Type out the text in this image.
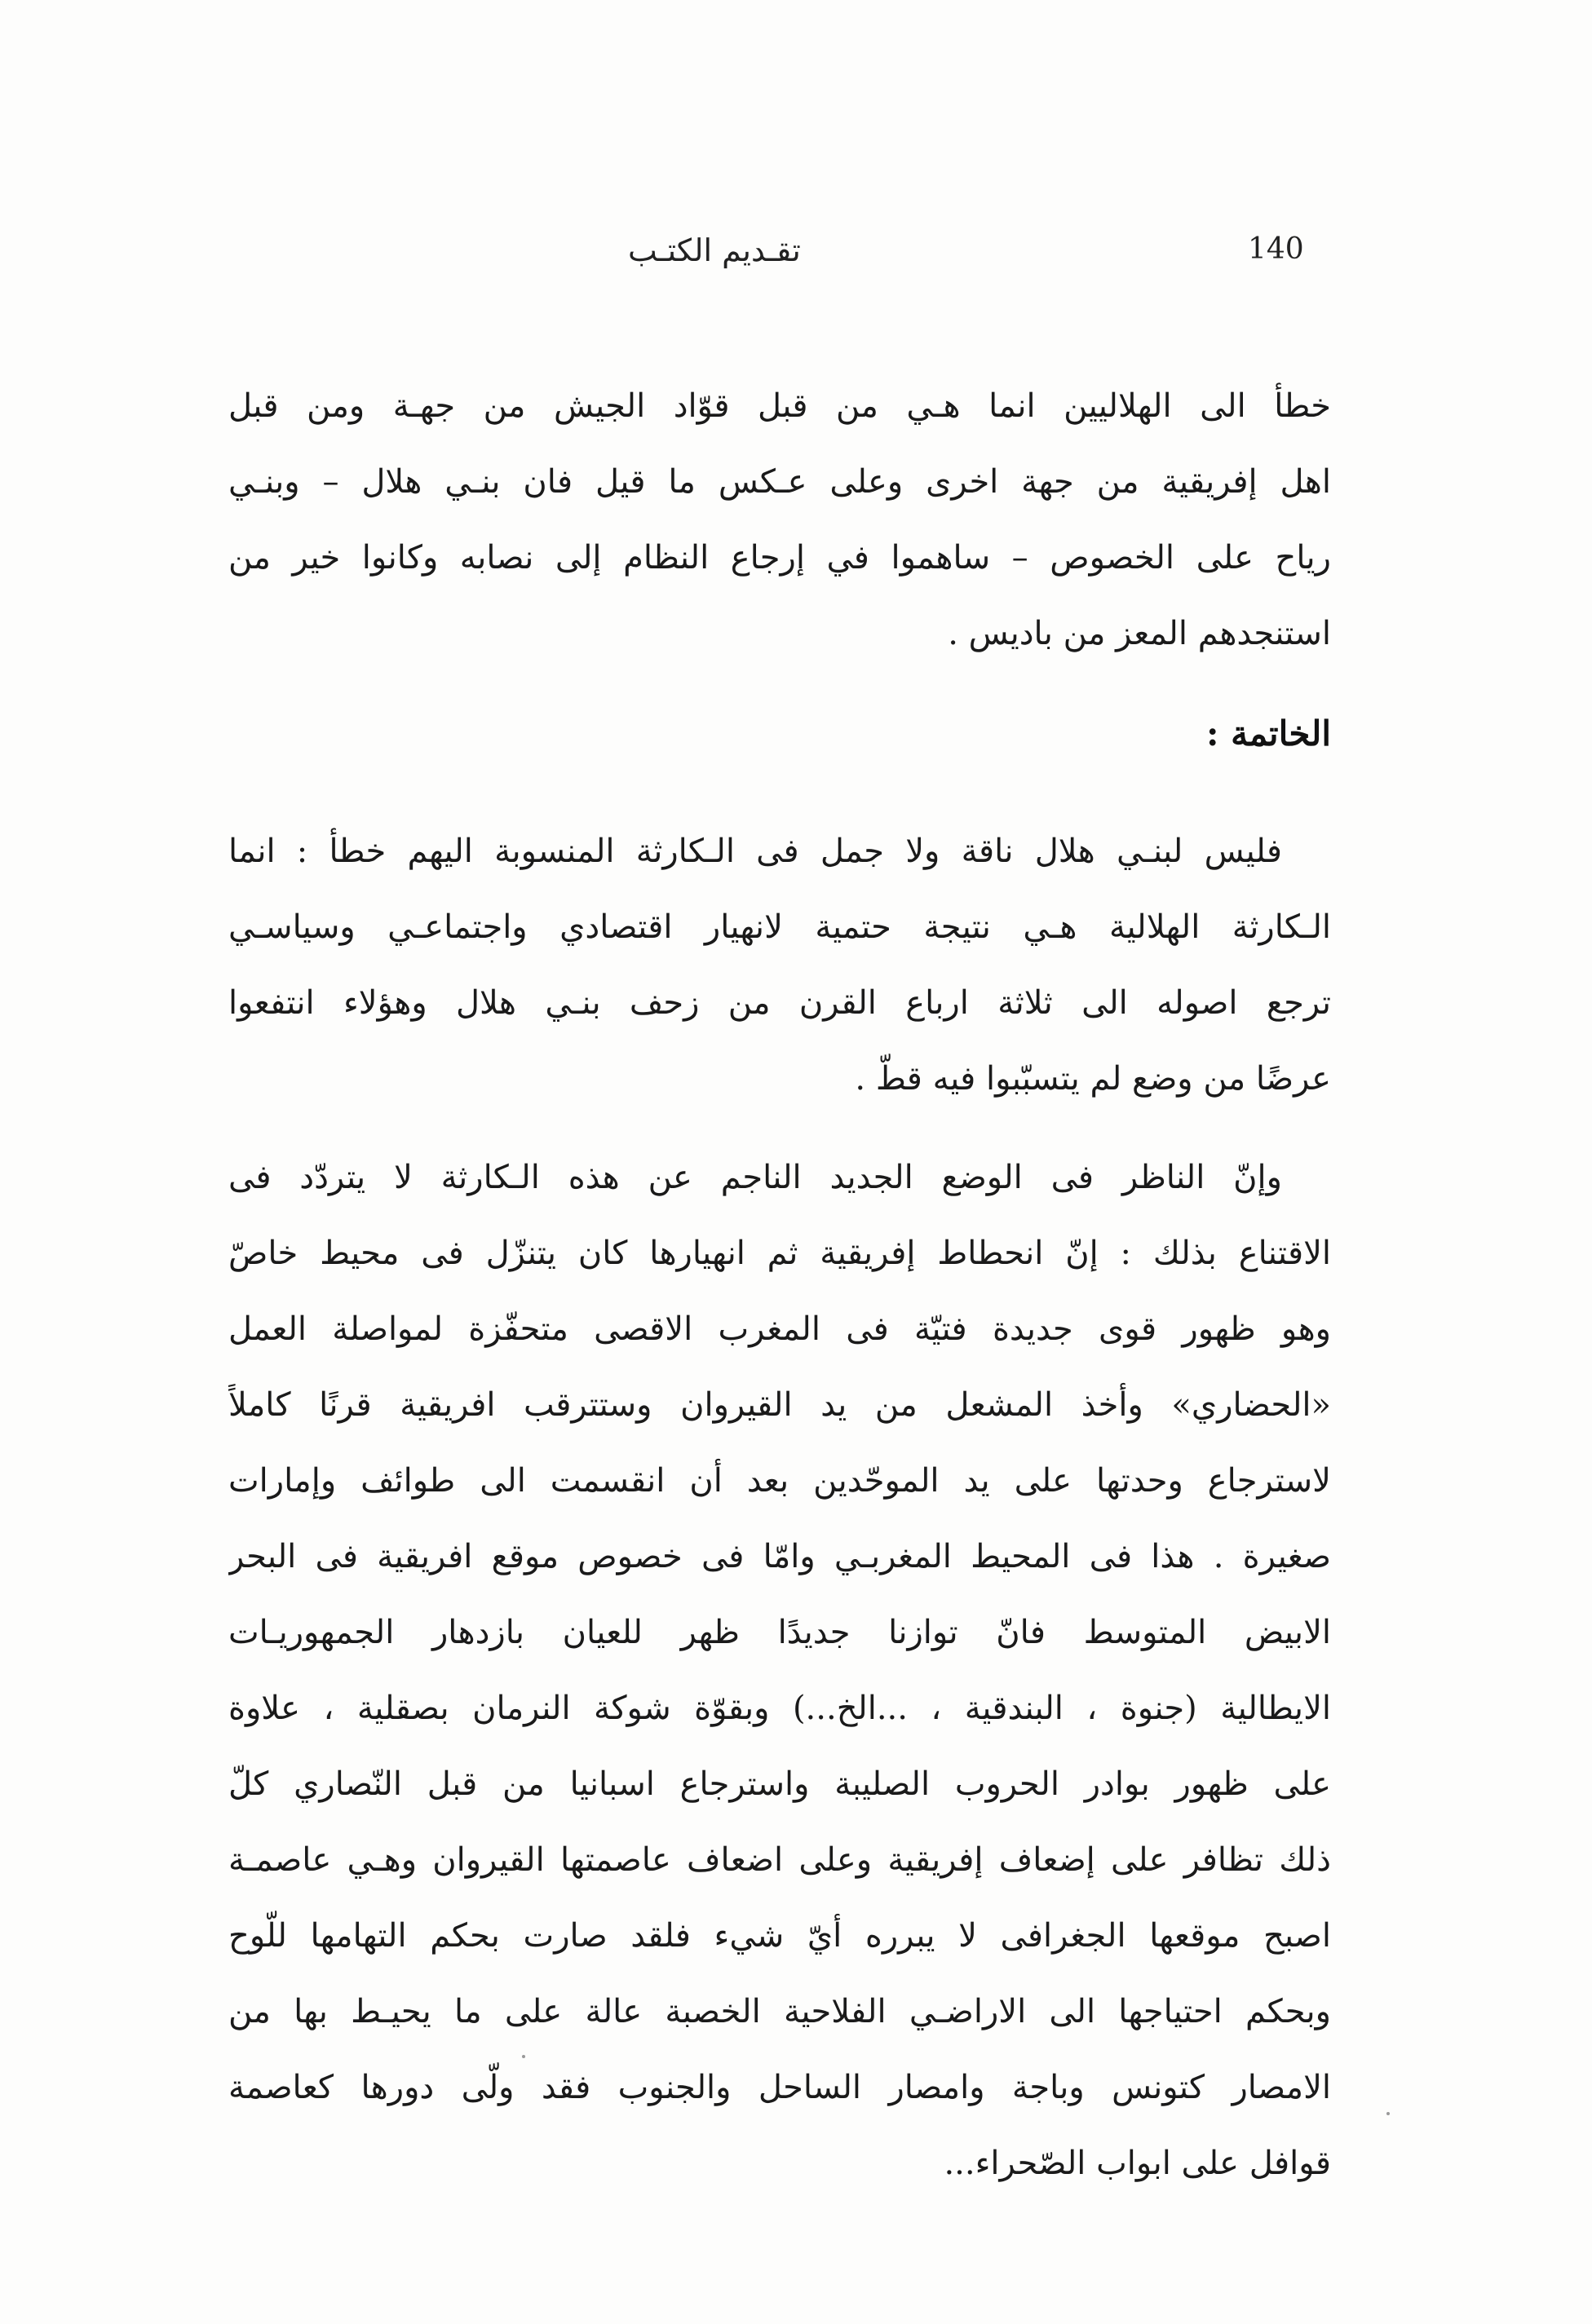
140
تقـديم الكتـب
خطأ الى الهلاليين انما هـي من قبل قوّاد الجيش من جهـة ومن قبل
اهل إفريقية من جهة اخرى وعلى عـكس ما قيل فان بنـي هلال – وبنـي
رياح على الخصوص – ساهموا في إرجاع النظام إلى نصابه وكانوا خير من
استنجدهم المعز من باديس .
الخاتمة :
فليس لبنـي هلال ناقة ولا جمل فى الـكارثة المنسوبة اليهم خطأ : انما
الـكارثة الهلالية هـي نتيجة حتمية لانهيار اقتصادي واجتماعـي وسياسـي
ترجع اصوله الى ثلاثة ارباع القرن من زحف بنـي هلال وهؤلاء انتفعوا
عرضًا من وضع لم يتسبّبوا فيه قطّ .
وإنّ الناظر فى الوضع الجديد الناجم عن هذه الـكارثة لا يتردّد فى
الاقتناع بذلك : إنّ انحطاط إفريقية ثم انهيارها كان يتنزّل فى محيط خاصّ
وهو ظهور قوى جديدة فتيّة فى المغرب الاقصى متحفّزة لمواصلة العمل
«الحضاري» وأخذ المشعل من يد القيروان وستترقب افريقية قرنًا كاملاً
لاسترجاع وحدتها على يد الموحّدين بعد أن انقسمت الى طوائف وإمارات
صغيرة . هذا فى المحيط المغربـي وامّا فى خصوص موقع افريقية فى البحر
الابيض المتوسط فانّ توازنا جديدًا ظهر للعيان بازدهار الجمهوريـات
الايطالية (جنوة ، البندقية ، ...الخ...) وبقوّة شوكة النرمان بصقلية ، علاوة
على ظهور بوادر الحروب الصليبة واسترجاع اسبانيا من قبل النّصاري كلّ
ذلك تظافر على إضعاف إفريقية وعلى اضعاف عاصمتها القيروان وهـي عاصمـة
اصبح موقعها الجغرافى لا يبرره أيّ شيء فلقد صارت بحكم التهامها للّوح
وبحكم احتياجها الى الاراضـي الفلاحية الخصبة عالة على ما يحيـط بها من
الامصار كتونس وباجة وامصار الساحل والجنوب فقد ولّى دورها كعاصمة
قوافل على ابواب الصّحراء...
